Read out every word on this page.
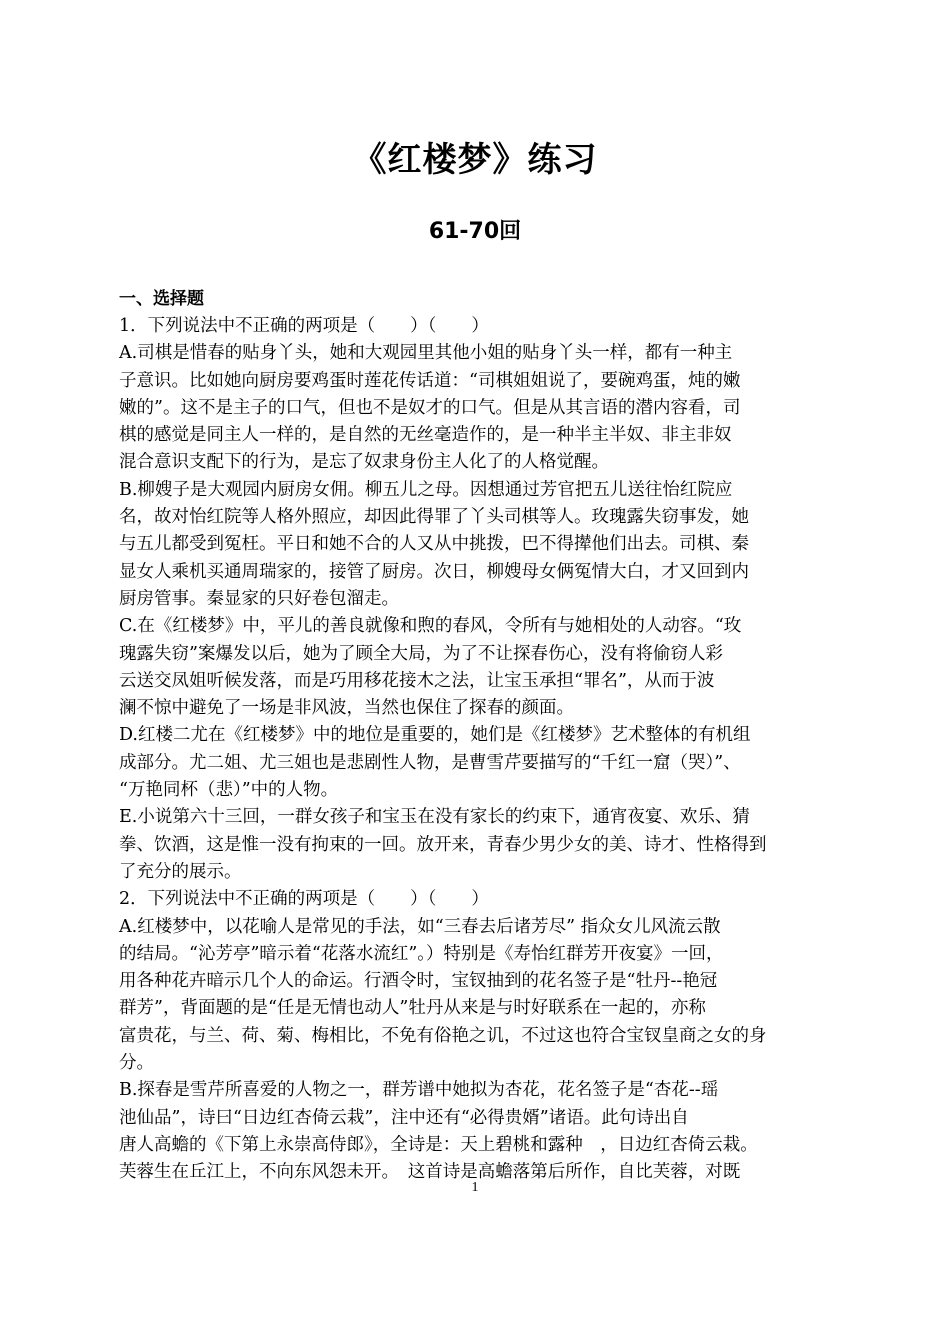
《红楼梦》练习
61-70回
一、选择题
1．下列说法中不正确的两项是（　　）（　　）
A.司棋是惜春的贴身丫头，她和大观园里其他小姐的贴身丫头一样，都有一种主
子意识。比如她向厨房要鸡蛋时莲花传话道：“司棋姐姐说了，要碗鸡蛋，炖的嫩
嫩的”。这不是主子的口气，但也不是奴才的口气。但是从其言语的潜内容看，司
棋的感觉是同主人一样的，是自然的无丝毫造作的，是一种半主半奴、非主非奴
混合意识支配下的行为，是忘了奴隶身份主人化了的人格觉醒。
B.柳嫂子是大观园内厨房女佣。柳五儿之母。因想通过芳官把五儿送往怡红院应
名，故对怡红院等人格外照应，却因此得罪了丫头司棋等人。玫瑰露失窃事发，她
与五儿都受到冤枉。平日和她不合的人又从中挑拨，巴不得撵他们出去。司棋、秦
显女人乘机买通周瑞家的，接管了厨房。次日，柳嫂母女俩冤情大白，才又回到内
厨房管事。秦显家的只好卷包溜走。
C.在《红楼梦》中，平儿的善良就像和煦的春风，令所有与她相处的人动容。“玫
瑰露失窃”案爆发以后，她为了顾全大局，为了不让探春伤心，没有将偷窃人彩
云送交凤姐听候发落，而是巧用移花接木之法，让宝玉承担“罪名”，从而于波
澜不惊中避免了一场是非风波，当然也保住了探春的颜面。
D.红楼二尤在《红楼梦》中的地位是重要的，她们是《红楼梦》艺术整体的有机组
成部分。尤二姐、尤三姐也是悲剧性人物，是曹雪芹要描写的“千红一窟（哭）”、
“万艳同杯（悲）”中的人物。
E.小说第六十三回，一群女孩子和宝玉在没有家长的约束下，通宵夜宴、欢乐、猜
拳、饮酒，这是惟一没有拘束的一回。放开来，青春少男少女的美、诗才、性格得到
了充分的展示。
2．下列说法中不正确的两项是（　　）（　　）
A.红楼梦中，以花喻人是常见的手法，如“三春去后诸芳尽” 指众女儿风流云散
的结局。“沁芳亭”暗示着“花落水流红”。）特别是《寿怡红群芳开夜宴》一回，
用各种花卉暗示几个人的命运。行酒令时，宝钗抽到的花名签子是“牡丹--艳冠
群芳”，背面题的是“任是无情也动人”牡丹从来是与时好联系在一起的，亦称
富贵花，与兰、荷、菊、梅相比，不免有俗艳之讥，不过这也符合宝钗皇商之女的身
分。
B.探春是雪芹所喜爱的人物之一，群芳谱中她拟为杏花，花名签子是“杏花--瑶
池仙品”，诗曰“日边红杏倚云栽”，注中还有“必得贵婿”诸语。此句诗出自
唐人高蟾的《下第上永崇高侍郎》，全诗是：天上碧桃和露种　，日边红杏倚云栽。
芙蓉生在丘江上，不向东风怨未开。　这首诗是高蟾落第后所作，自比芙蓉，对既
1
